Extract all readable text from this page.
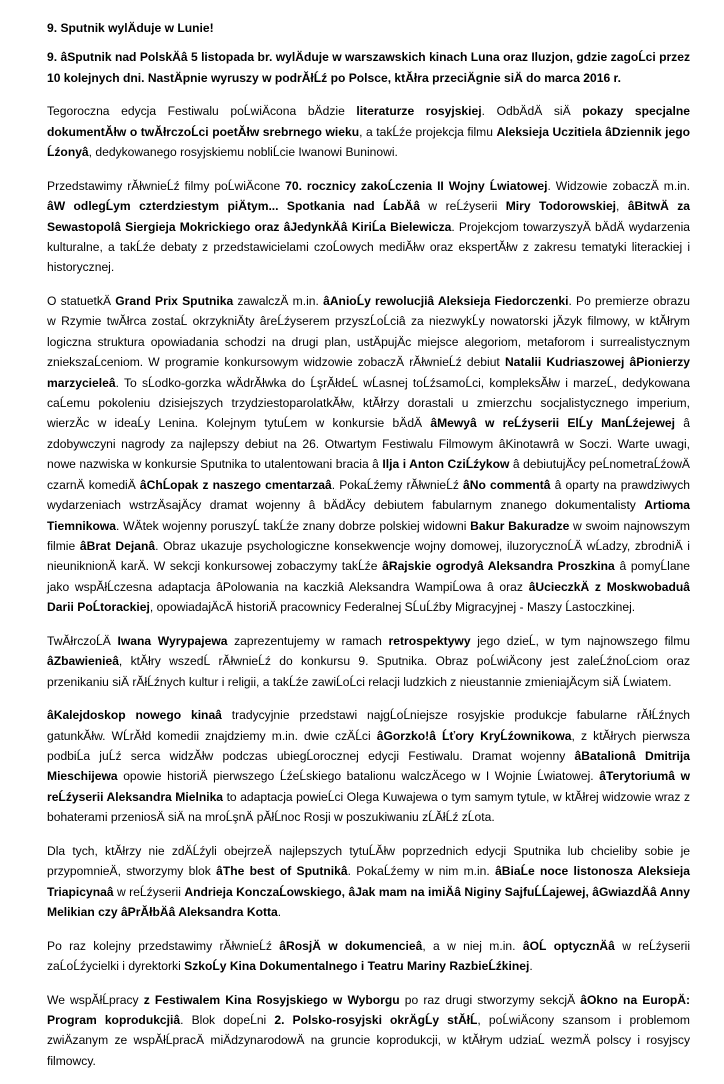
9. Sputnik wylÄduje w Lunie!

9. âSputnik nad PolskÄâ 5 listopada br. wylÄduje w warszawskich kinach Luna oraz Iluzjon, gdzie zagoĹci przez 10 kolejnych dni. NastÄpnie wyruszy w podrĂłĹź po Polsce, ktĂłra przeciÄgnie siÄ do marca 2016 r.

Tegoroczna edycja Festiwalu poĹwiÄcona bÄdzie literaturze rosyjskiej. OdbÄdÄ siÄ pokazy specjalne dokumentĂłw o twĂłrczoĹci poetĂłw srebrnego wieku, a takĹźe projekcja filmu Aleksieja Uczitiela âDziennik jego Ĺźonyâ, dedykowanego rosyjskiemu nobliĹcie Iwanowi Buninowi.

Przedstawimy rĂłwnieĹź filmy poĹwiÄcone 70. rocznicy zakoĹczenia II Wojny Ĺwiatowej. Widzowie zobaczÄ m.in. âW odlegĹym czterdziestym piÄtym... Spotkania nad ĹabÄâ w reĹźyserii Miry Todorowskiej, âBitwÄ za Sewastopolâ Siergieja Mokrickiego oraz âJedynkÄâ KiriĹa Bielewicza. Projekcjom towarzyszyÄ bÄdÄ wydarzenia kulturalne, a takĹźe debaty z przedstawicielami czoĹowych mediĂłw oraz ekspertĂłw z zakresu tematyki literackiej i historycznej.

O statuetkÄ Grand Prix Sputnika zawalczÄ m.in. âAnioĹy rewolucjiâ Aleksieja Fiedorczenki. Po premierze obrazu w Rzymie twĂłrca zostaĹ okrzykniÄty âreĹźyserem przyszĹoĹciâ za niezwykĹy nowatorski jÄzyk filmowy, w ktĂłrym logiczna struktura opowiadania schodzi na drugi plan, ustÄpujÄc miejsce alegoriom, metaforom i surrealistycznym zniekszaĹceniom. W programie konkursowym widzowie zobaczÄ rĂłwnieĹź debiut Natalii Kudriaszowej âPionierzy marzycieleâ. To sĹodko-gorzka wÄdrĂłwka do ĹşrĂłdeĹ wĹasnej toĹźsamoĹci, kompleksĂłw i marzeĹ, dedykowana caĹemu pokoleniu dzisiejszych trzydziestoparolatkĂłw, ktĂłrzy dorastali u zmierzchu socjalistycznego imperium, wierzÄc w ideaĹy Lenina. Kolejnym tytuĹem w konkursie bÄdÄ âMewyâ w reĹźyserii ElĹy ManĹźejewej â zdobywczyni nagrody za najlepszy debiut na 26. Otwartym Festiwalu Filmowym âKinotawrâ w Soczi. Warte uwagi, nowe nazwiska w konkursie Sputnika to utalentowani bracia â Ilja i Anton CziĹźykow â debiutujÄcy peĹnometraĹźowÄ czarnÄ komediÄ âChĹopak z naszego cmentarzaâ. PokaĹźemy rĂłwnieĹź âNo commentâ â oparty na prawdziwych wydarzeniach wstrzÄsajÄcy dramat wojenny â bÄdÄcy debiutem fabularnym znanego dokumentalisty Artioma Tiemnikowa. WÄtek wojenny poruszyĹ takĹźe znany dobrze polskiej widowni Bakur Bakuradze w swoim najnowszym filmie âBrat Dejanâ. Obraz ukazuje psychologiczne konsekwencje wojny domowej, iluzorycznoĹÄ wĹadzy, zbrodniÄ i nieuniknionÄ karÄ. W sekcji konkursowej zobaczymy takĹźe âRajskie ogrodyâ Aleksandra Proszkina â pomyĹlane jako wspĂłĹczesna adaptacja âPolowania na kaczkiâ Aleksandra WampiĹowa â oraz âUcieczkÄ z Moskwobaduâ Darii PoĹtorackiej, opowiadajÄcÄ historiÄ pracownicy Federalnej SĹuĹźby Migracyjnej - Maszy Ĺastoczkinej.

TwĂłrczoĹÄ Iwana Wyrypajewa zaprezentujemy w ramach retrospektywy jego dzieĹ, w tym najnowszego filmu âZbawienieâ, ktĂłry wszedĹ rĂłwnieĹź do konkursu 9. Sputnika. Obraz poĹwiÄcony jest zaleĹźnoĹciom oraz przenikaniu siÄ rĂłĹźnych kultur i religii, a takĹźe zawiĹoĹci relacji ludzkich z nieustannie zmieniajÄcym siÄ Ĺwiatem.

âKalejdoskop nowego kinaâ tradycyjnie przedstawi najgĹoĹniejsze rosyjskie produkcje fabularne rĂłĹźnych gatunkĂłw. WĹrĂłd komedii znajdziemy m.in. dwie czÄĹci âGorzko!â Ĺťory KryĹźownikowa, z ktĂłrych pierwsza podbiĹa juĹź serca widzĂłw podczas ubiegĹorocznej edycji Festiwalu. Dramat wojenny âBatalionâ Dmitrija Mieschijewa opowie historiÄ pierwszego ĹźeĹskiego batalionu walczÄcego w I Wojnie Ĺwiatowej. âTerytoriumâ w reĹźyserii Aleksandra Mielnika to adaptacja powieĹci Olega Kuwajewa o tym samym tytule, w ktĂłrej widzowie wraz z bohaterami przeniosÄ siÄ na mroĹşnÄ pĂłĹnoc Rosji w poszukiwaniu zĹĂłĹź zĹota.

Dla tych, ktĂłrzy nie zdÄĹźyli obejrzeÄ najlepszych tytuĹĂłw poprzednich edycji Sputnika lub chcieliby sobie je przypomnieÄ, stworzymy blok âThe best of Sputnikâ. PokaĹźemy w nim m.in. âBiaĹe noce listonosza Aleksieja Triapicynaâ w reĹźyserii Andrieja KonczaĹowskiego, âJak mam na imiÄâ Niginy SajfuĹĹajewej, âGwiazdÄâ Anny Melikian czy âPrĂłbÄâ Aleksandra Kotta.

Po raz kolejny przedstawimy rĂłwnieĹź âRosjÄ w dokumencieâ, a w niej m.in. âOĹ optycznÄâ w reĹźyserii zaĹoĹźycielki i dyrektorki SzkoĹy Kina Dokumentalnego i Teatru Mariny RazbieĹźkinej.

We wspĂłĹpracy z Festiwalem Kina Rosyjskiego w Wyborgu po raz drugi stworzymy sekcjÄ âOkno na EuropÄ: Program koprodukcjiâ. Blok dopeĹni 2. Polsko-rosyjski okrÄgĹy stĂłĹ, poĹwiÄcony szansom i problemom zwiÄzanym ze wspĂłĹpracÄ miÄdzynarodowÄ na gruncie koprodukcji, w ktĂłrym udziaĹ wezmÄ polscy i rosyjscy filmowcy.
